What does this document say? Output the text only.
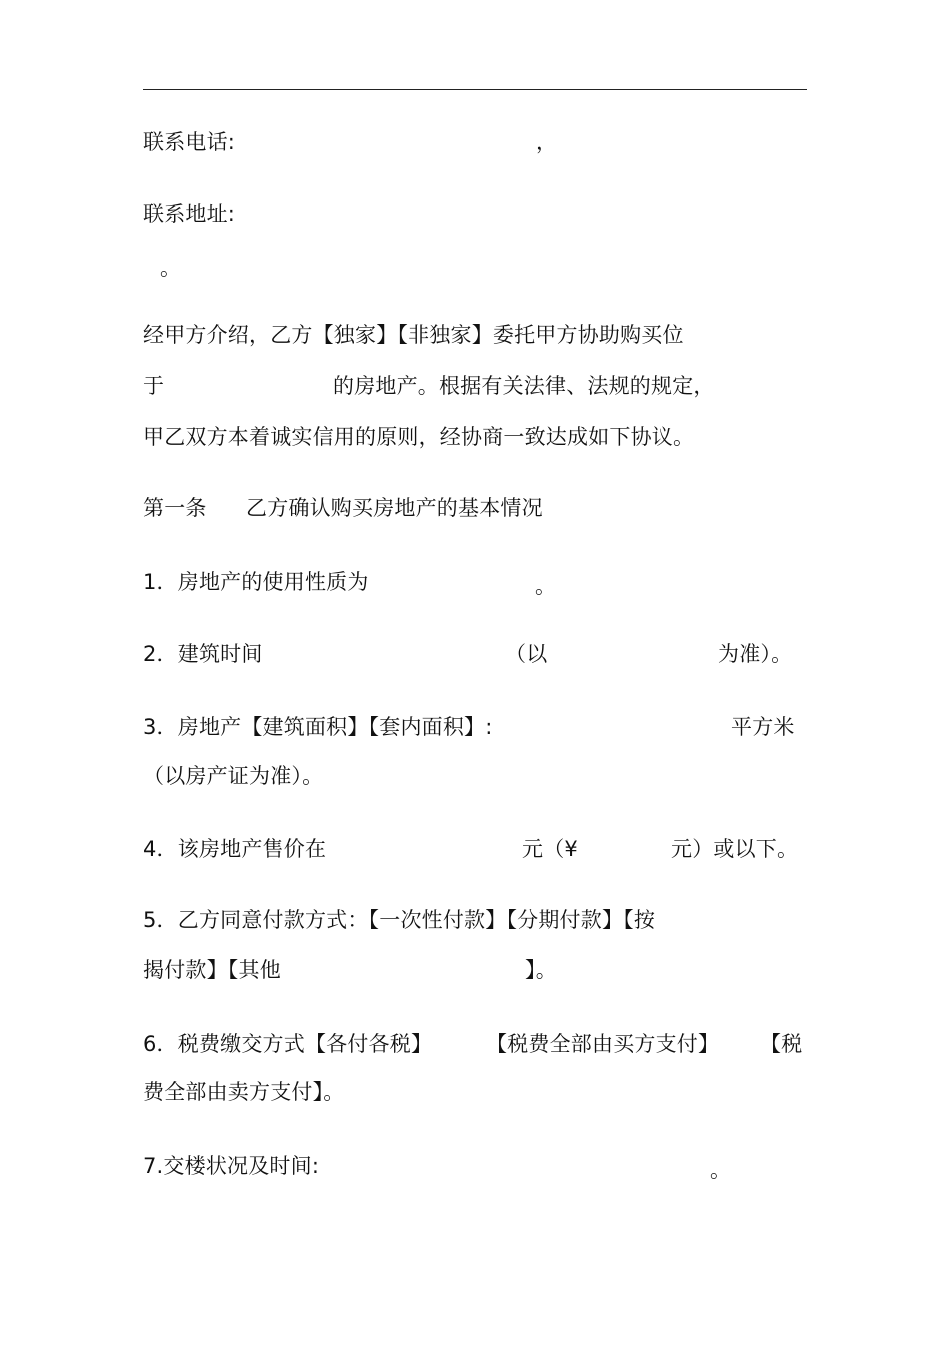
联系电话:	，
联系地址:
。
经甲方介绍，乙方【独家】【非独家】委托甲方协助购买位
于	的房地产。根据有关法律、法规的规定，
甲乙双方本着诚实信用的原则，经协商一致达成如下协议。
第一条 乙方确认购买房地产的基本情况
1．房地产的使用性质为	。
2．建筑时间	（以	为准）。
3．房地产【建筑面积】【套内面积】:	平方米
（以房产证为准）。
4．该房地产售价在	元（¥	元）或以下。
5．乙方同意付款方式：【一次性付款】【分期付款】【按
揭付款】【其他	】。
6．税费缴交方式【各付各税】	【税费全部由买方支付】 【税
费全部由卖方支付】。
7.交楼状况及时间:	。
